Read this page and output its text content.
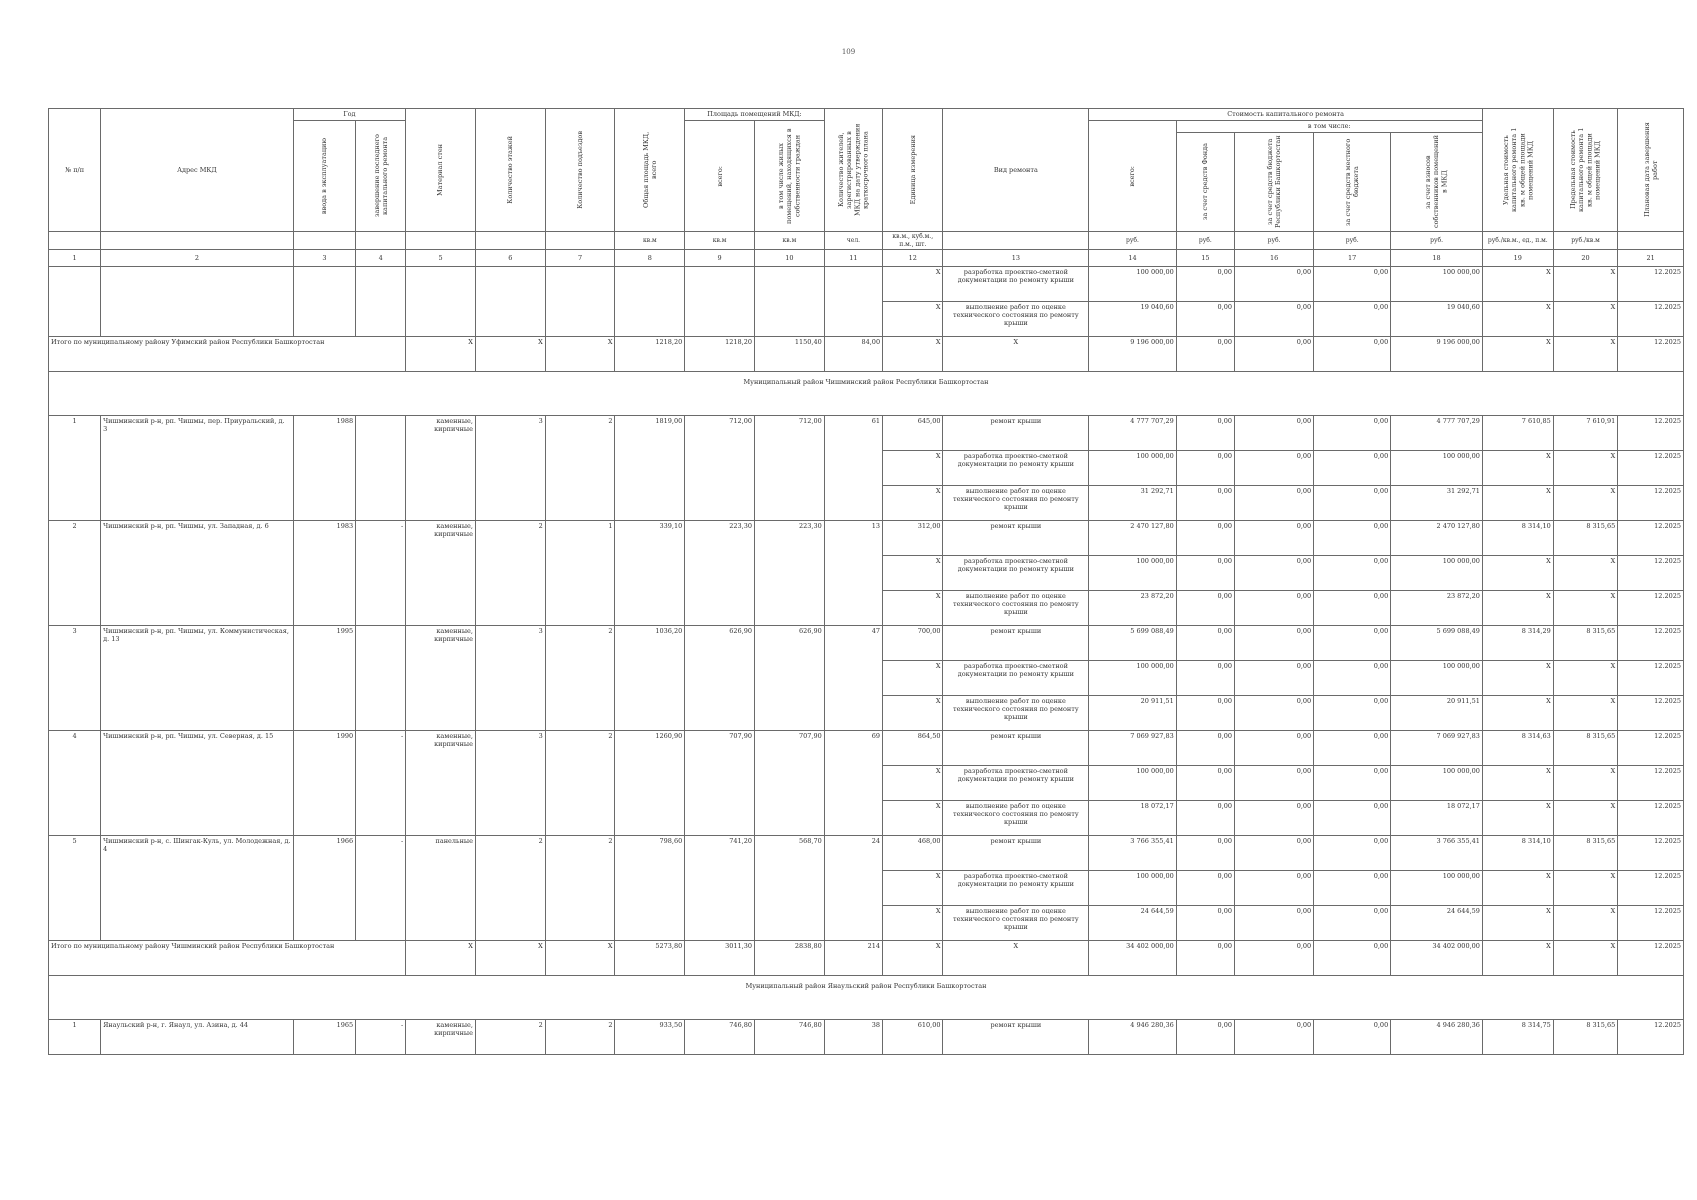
109
№ п/п	Адрес МКД	Год		Материал стен	Количество этажей	Количество подъездов	Общая площадь МКД, всего	Площадь помещений МКД:		Количество жителей, зарегистрированных в МКД на дату утверждения краткосрочного плана	Единица измерения	Вид ремонта	Стоимость капитального ремонта					Удельная стоимость капитального ремонта 1 кв. м общей площади помещений МКД	Предельная стоимость капитального ремонта 1 кв. м общей площади помещений МКД	Плановая дата завершения работ

		ввода в эксплуатацию	завершение последнего капитального ремонта					всего:	в том числе жилых помещений, находящихся в собственности граждан				всего:	в том числе:						

														за счет средств Фонда	за счет средств бюджета Республики Башкортостан	за счет средств местного бюджета	за счет взносов собственников помещений в МКД			

							кв.м	кв.м	кв.м	чел.	кв.м., куб.м., п.м., шт.		руб.	руб.	руб.	руб.	руб.	руб./кв.м., ед., п.м.	руб./кв.м	
1	2	3	4	5	6	7	8	9	10	11	12	13	14	15	16	17	18	19	20	21
											X	разработка проектно-сметной документации по ремонту крыши	100 000,00	0,00	0,00	0,00	100 000,00	X	X	12.2025
											X	выполнение работ по оценке технического состояния по ремонту крыши	19 040,60	0,00	0,00	0,00	19 040,60	X	X	12.2025
Итого по муниципальному району Уфимский район Республики Башкортостан				X	X	X	1218,20	1218,20	1150,40	84,00	X	X	9 196 000,00	0,00	0,00	0,00	9 196 000,00	X	X	12.2025
Муниципальный район Чишминский район Республики Башкортостан																				
1	Чишминский р-н, рп. Чишмы, пер. Приуральский, д. 3	1988		каменные, кирпичные	3	2	1819,00	712,00	712,00	61	645,00	ремонт крыши	4 777 707,29	0,00	0,00	0,00	4 777 707,29	7 610,85	7 610,91	12.2025
											X	разработка проектно-сметной документации по ремонту крыши	100 000,00	0,00	0,00	0,00	100 000,00	X	X	12.2025
											X	выполнение работ по оценке технического состояния по ремонту крыши	31 292,71	0,00	0,00	0,00	31 292,71	X	X	12.2025
2	Чишминский р-н, рп. Чишмы, ул. Западная, д. 6	1983	-	каменные, кирпичные	2	1	339,10	223,30	223,30	13	312,00	ремонт крыши	2 470 127,80	0,00	0,00	0,00	2 470 127,80	8 314,10	8 315,65	12.2025
											X	разработка проектно-сметной документации по ремонту крыши	100 000,00	0,00	0,00	0,00	100 000,00	X	X	12.2025
											X	выполнение работ по оценке технического состояния по ремонту крыши	23 872,20	0,00	0,00	0,00	23 872,20	X	X	12.2025
3	Чишминский р-н, рп. Чишмы, ул. Коммунистическая, д. 13	1995		каменные, кирпичные	3	2	1036,20	626,90	626,90	47	700,00	ремонт крыши	5 699 088,49	0,00	0,00	0,00	5 699 088,49	8 314,29	8 315,65	12.2025
											X	разработка проектно-сметной документации по ремонту крыши	100 000,00	0,00	0,00	0,00	100 000,00	X	X	12.2025
											X	выполнение работ по оценке технического состояния по ремонту крыши	20 911,51	0,00	0,00	0,00	20 911,51	X	X	12.2025
4	Чишминский р-н, рп. Чишмы, ул. Северная, д. 15	1990	-	каменные, кирпичные	3	2	1260,90	707,90	707,90	69	864,50	ремонт крыши	7 069 927,83	0,00	0,00	0,00	7 069 927,83	8 314,63	8 315,65	12.2025
											X	разработка проектно-сметной документации по ремонту крыши	100 000,00	0,00	0,00	0,00	100 000,00	X	X	12.2025
											X	выполнение работ по оценке технического состояния по ремонту крыши	18 072,17	0,00	0,00	0,00	18 072,17	X	X	12.2025
5	Чишминский р-н, с. Шингак-Куль, ул. Молодежная, д. 4	1966	-	панельные	2	2	798,60	741,20	568,70	24	468,00	ремонт крыши	3 766 355,41	0,00	0,00	0,00	3 766 355,41	8 314,10	8 315,65	12.2025
											X	разработка проектно-сметной документации по ремонту крыши	100 000,00	0,00	0,00	0,00	100 000,00	X	X	12.2025
											X	выполнение работ по оценке технического состояния по ремонту крыши	24 644,59	0,00	0,00	0,00	24 644,59	X	X	12.2025
Итого по муниципальному району Чишминский район Республики Башкортостан				X	X	X	5273,80	3011,30	2838,80	214	X	X	34 402 000,00	0,00	0,00	0,00	34 402 000,00	X	X	12.2025
Муниципальный район Янаульский район Республики Башкортостан																				
1	Янаульский р-н, г. Янаул, ул. Азина, д. 44	1965	-	каменные, кирпичные	2	2	933,50	746,80	746,80	38	610,00	ремонт крыши	4 946 280,36	0,00	0,00	0,00	4 946 280,36	8 314,75	8 315,65	12.2025
